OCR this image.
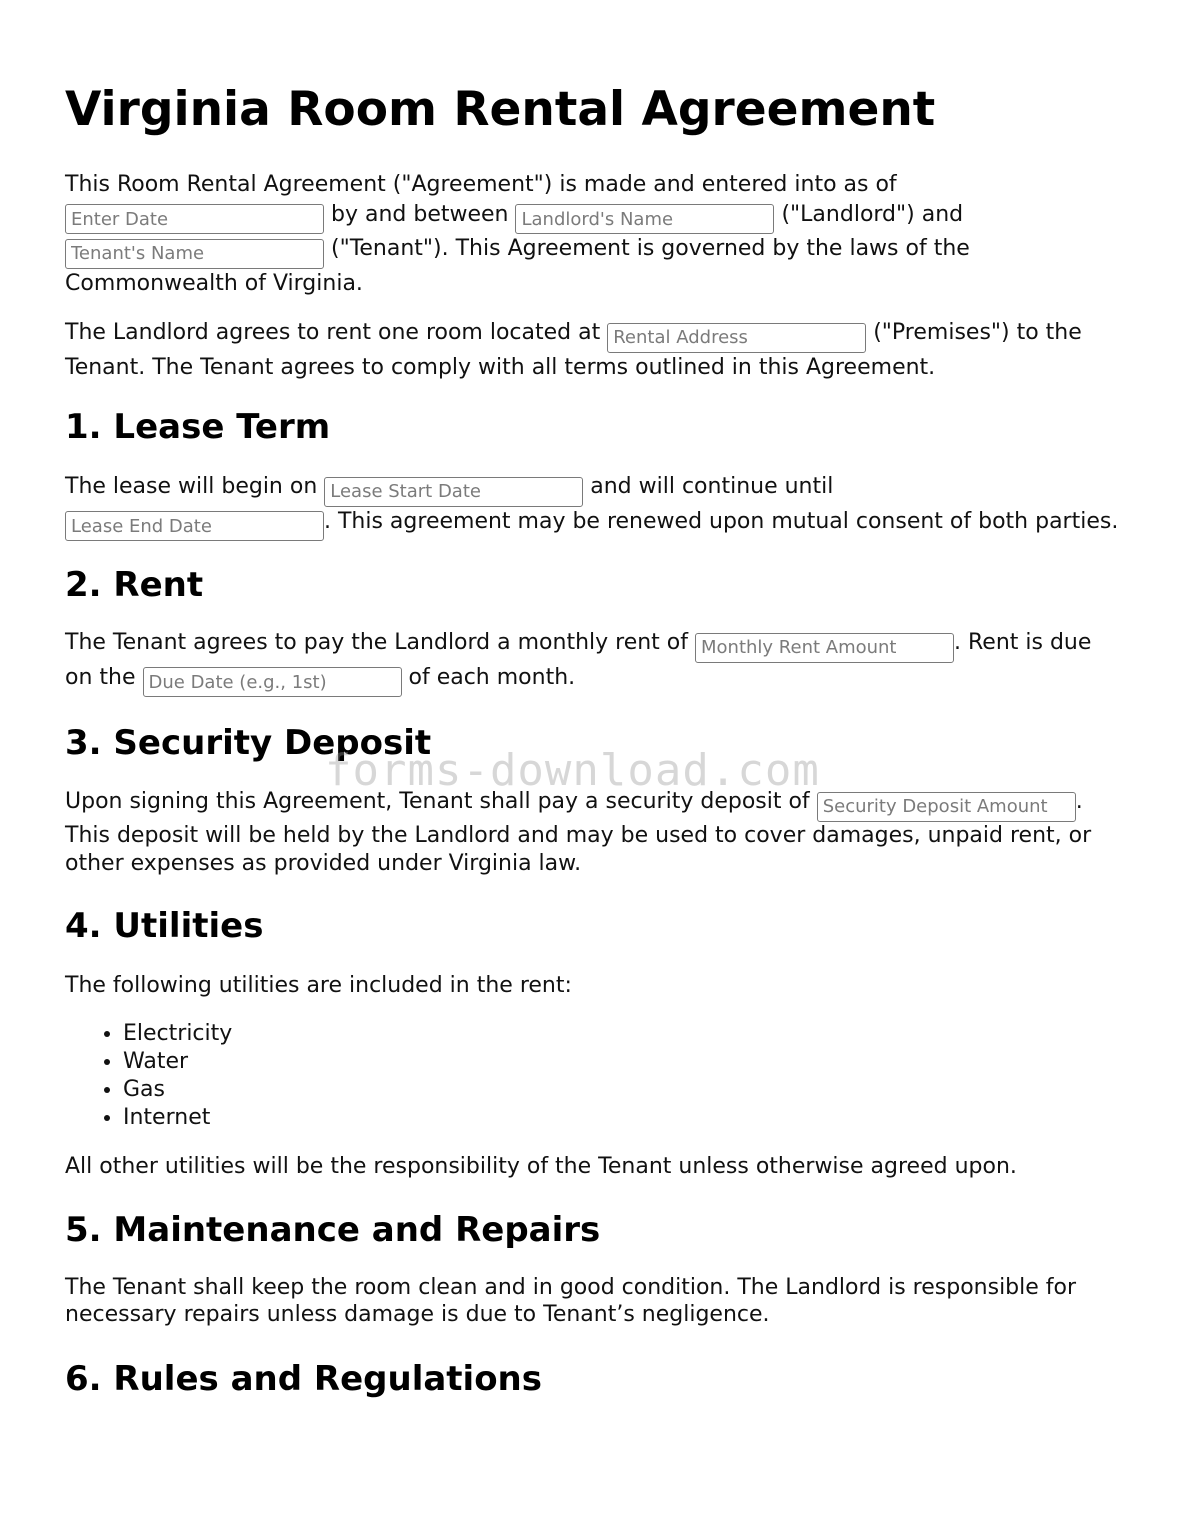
Virginia Room Rental Agreement

This Room Rental Agreement ("Agreement") is made and entered into as of
Enter Date by and between Landlord's Name	("Landlord") and
Tenant's Name ("Tenant"). This Agreement is governed by the laws of the Commonwealth of Virginia.

The Landlord agrees to rent one room located at Rental Address	("Premises") to the Tenant. The Tenant agrees to comply with all terms outlined in this Agreement.

1. Lease Term

The lease will begin on Lease Start Date	and will continue until
Lease End Date. This agreement may be renewed upon mutual consent of both parties.

2. Rent

The Tenant agrees to pay the Landlord a monthly rent of Monthly Rent Amount	. Rent is due on the Due Date (e.g., 1st)	of each month.

3. Security Deposit

Upon signing this Agreement, Tenant shall pay a security deposit of Security Deposit Amount	. This deposit will be held by the Landlord and may be used to cover damages, unpaid rent, or other expenses as provided under Virginia law.

4. Utilities

The following utilities are included in the rent:

• Electricity
• Water
• Gas
• Internet

All other utilities will be the responsibility of the Tenant unless otherwise agreed upon.

5. Maintenance and Repairs

The Tenant shall keep the room clean and in good condition. The Landlord is responsible for necessary repairs unless damage is due to Tenant’s negligence.

6. Rules and Regulations
forms-download.com
